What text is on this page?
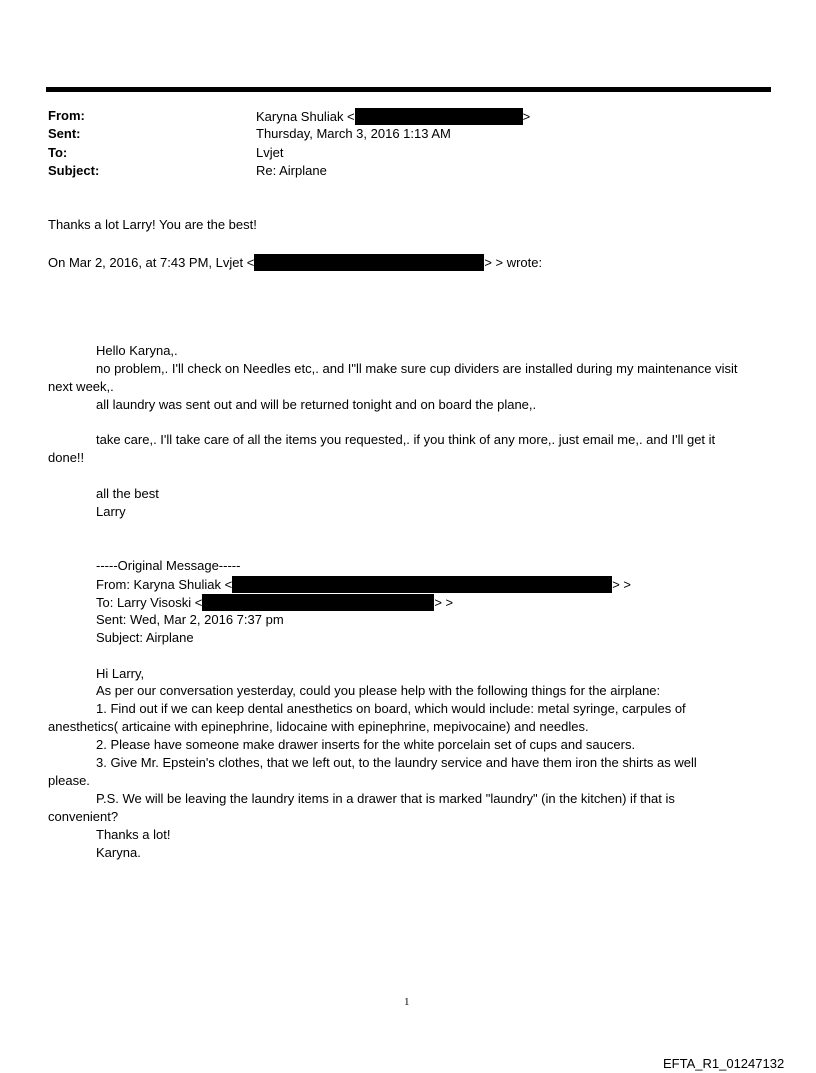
From:	Karyna Shuliak <	>
Sent:	Thursday, March 3, 2016 1:13 AM
To:	Lvjet
Subject:	Re: Airplane
Thanks a lot Larry! You are the best!
On Mar 2, 2016, at 7:43 PM, Lvjet <	> > wrote:
Hello Karyna,.
no problem,. I'll check on Needles etc,. and I"ll make sure cup dividers are installed during my maintenance visit
next week,.
all laundry was sent out and will be returned tonight and on board the plane,.
take care,. I'll take care of all the items you requested,. if you think of any more,. just email me,. and I'll get it
done!!
all the best
Larry
-----Original Message-----
From: Karyna Shuliak <	> >
To: Larry Visoski <	> >
Sent: Wed, Mar 2, 2016 7:37 pm
Subject: Airplane
Hi Larry,
As per our conversation yesterday, could you please help with the following things for the airplane:
1. Find out if we can keep dental anesthetics on board, which would include: metal syringe, carpules of
anesthetics( articaine with epinephrine, lidocaine with epinephrine, mepivocaine) and needles.
2. Please have someone make drawer inserts for the white porcelain set of cups and saucers.
3. Give Mr. Epstein's clothes, that we left out, to the laundry service and have them iron the shirts as well
please.
P.S. We will be leaving the laundry items in a drawer that is marked "laundry" (in the kitchen) if that is
convenient?
Thanks a lot!
Karyna.
1
EFTA_R1_01247132
